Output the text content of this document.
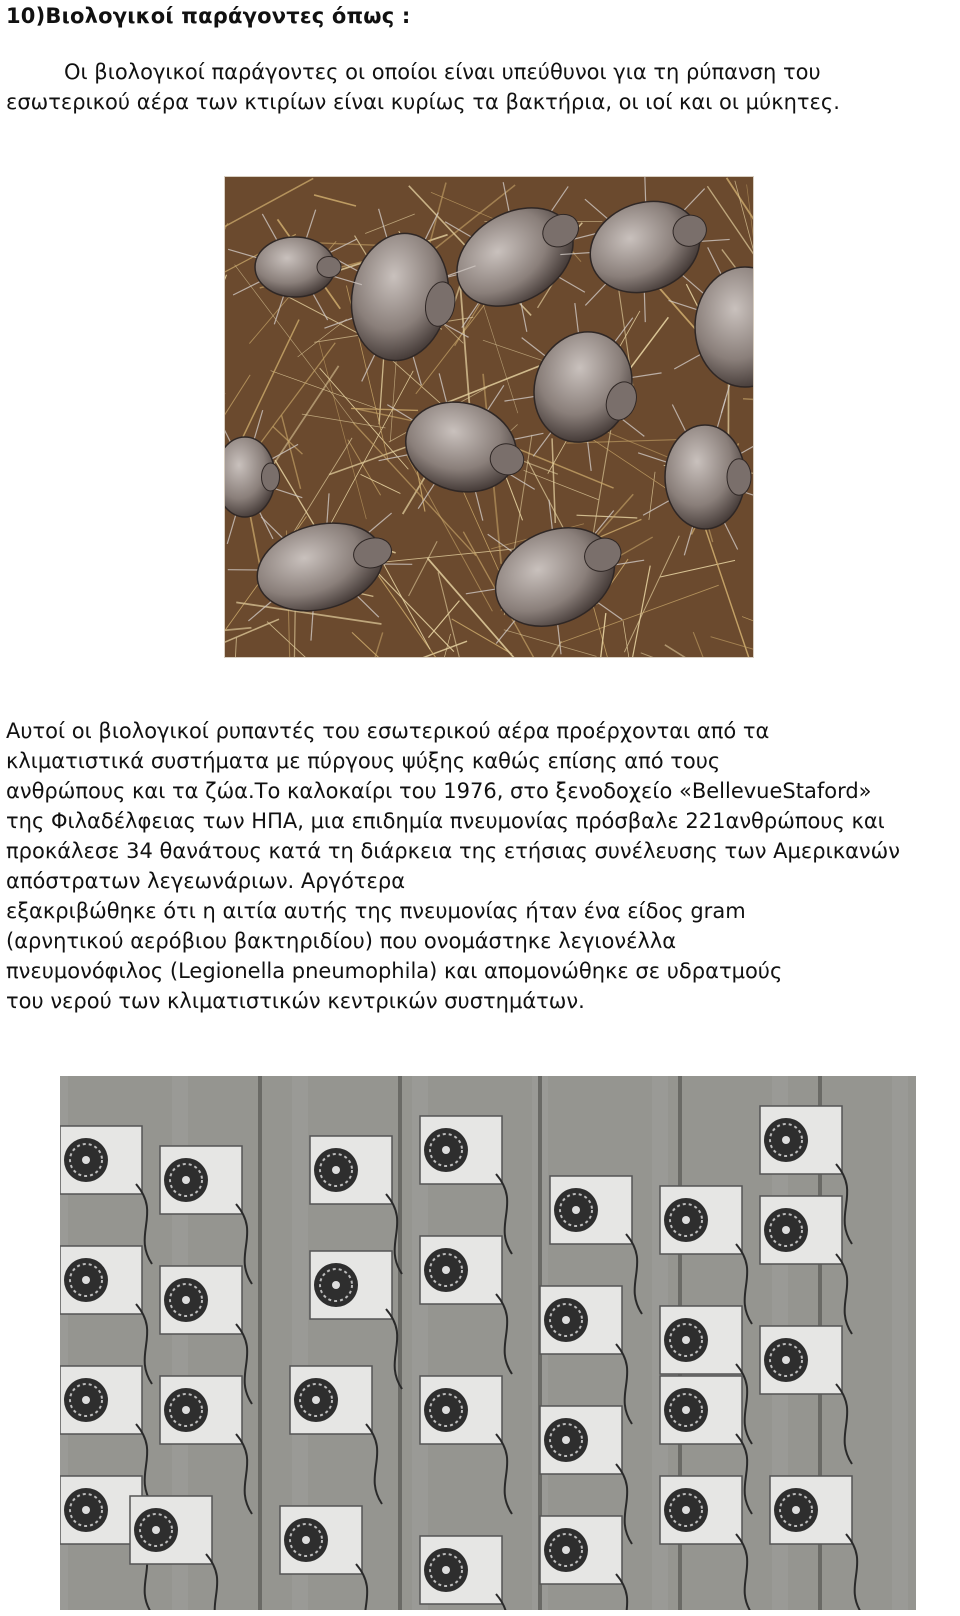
10)Βιολογικοί παράγοντες όπως :
Οι βιολογικοί παράγοντες οι οποίοι είναι υπεύθυνοι για τη ρύπανση του
εσωτερικού αέρα των κτιρίων είναι κυρίως τα βακτήρια, οι ιοί και οι μύκητες.
Αυτοί οι βιολογικοί ρυπαντές του εσωτερικού αέρα προέρχονται από τα
κλιματιστικά συστήματα με πύργους ψύξης καθώς επίσης από τους
ανθρώπους και τα ζώα.Το καλοκαίρι του 1976, στο ξενοδοχείο «BellevueStaford»
της Φιλαδέλφειας των ΗΠΑ, μια επιδημία πνευμονίας πρόσβαλε 221ανθρώπους και
προκάλεσε 34 θανάτους κατά τη διάρκεια της ετήσιας συνέλευσης των Αμερικανών
απόστρατων λεγεωνάριων. Αργότερα
εξακριβώθηκε ότι η αιτία αυτής της πνευμονίας ήταν ένα είδος gram
(αρνητικού αερόβιου βακτηριδίου) που ονομάστηκε λεγιονέλλα
πνευμονόφιλος (Legionella pneumophila) και απομονώθηκε σε υδρατμούς
του νερού των κλιματιστικών κεντρικών συστημάτων.
